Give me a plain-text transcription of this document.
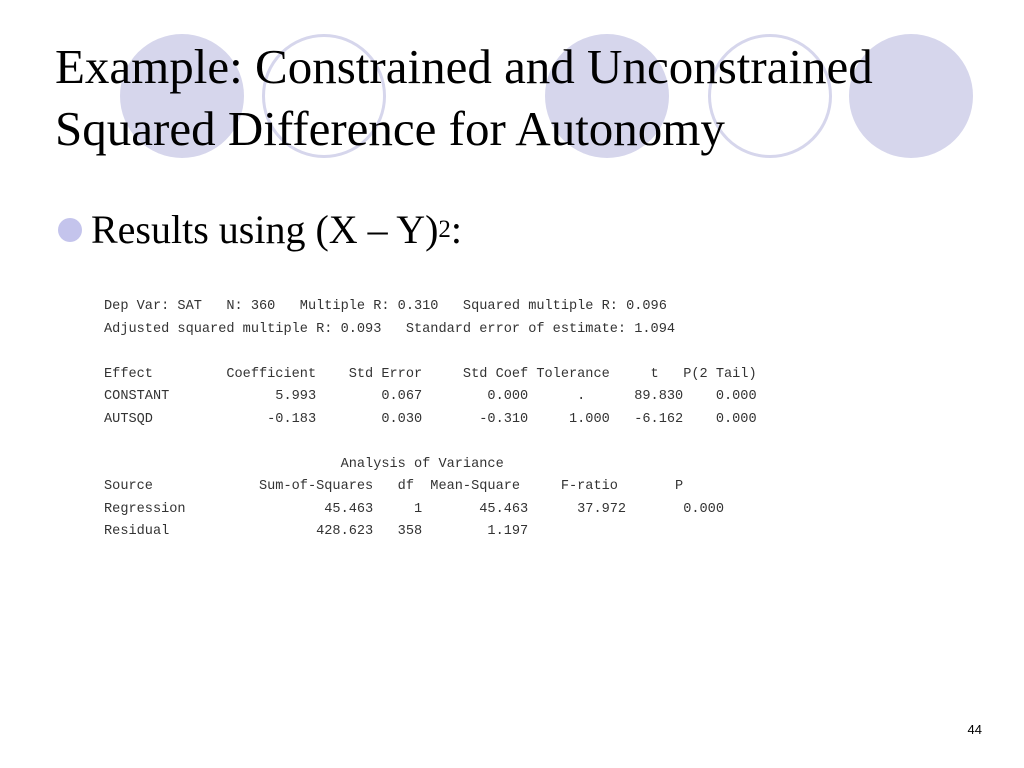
Example: Constrained and Unconstrained
Squared Difference for Autonomy
Results using (X – Y) 2 :
Dep Var: SAT   N: 360   Multiple R: 0.310   Squared multiple R: 0.096
Adjusted squared multiple R: 0.093   Standard error of estimate: 1.094
Effect         Coefficient    Std Error     Std Coef Tolerance     t   P(2 Tail)
CONSTANT             5.993        0.067        0.000      .      89.830    0.000
AUTSQD              -0.183        0.030       -0.310     1.000   -6.162    0.000
Analysis of Variance
Source             Sum-of-Squares   df  Mean-Square     F-ratio       P
Regression                 45.463     1       45.463      37.972       0.000
Residual                  428.623   358        1.197
44
